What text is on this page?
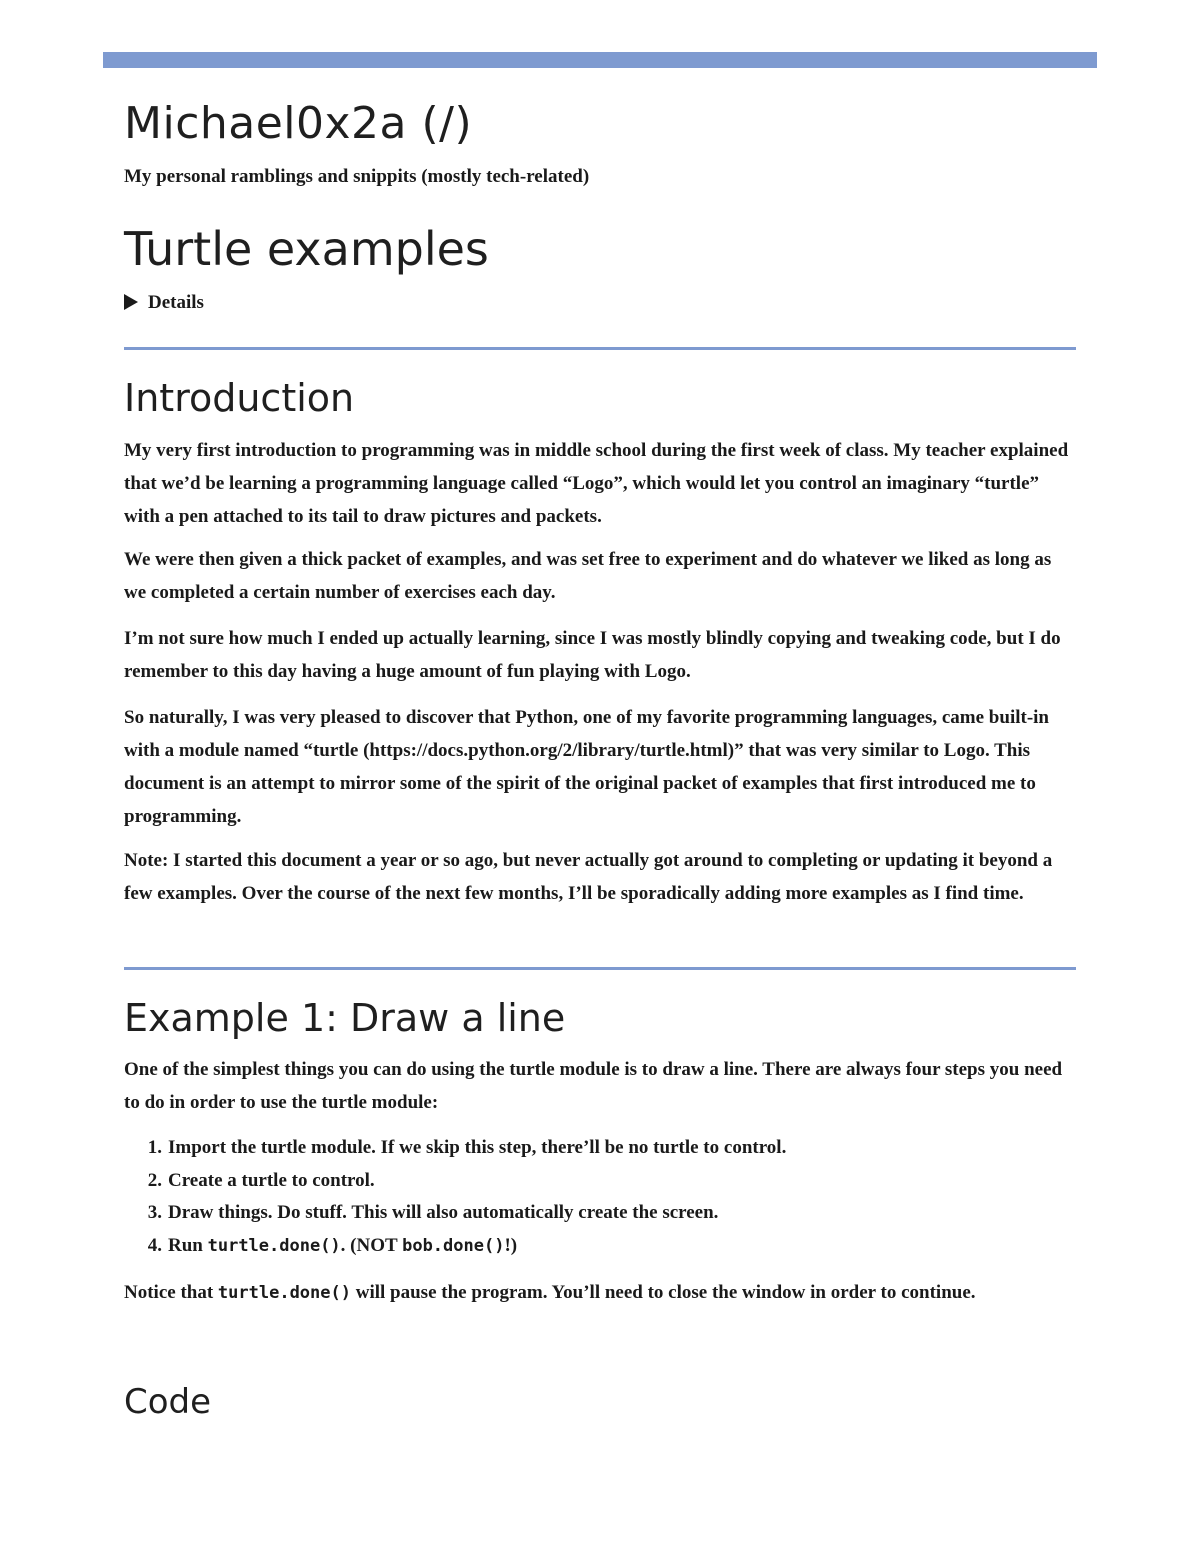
Michael0x2a (/)

My personal ramblings and snippits (mostly tech-related)

Turtle examples
Details
Introduction

My very first introduction to programming was in middle school during the first week of class. My teacher explained that we’d be learning a programming language called “Logo”, which would let you control an imaginary “turtle” with a pen attached to its tail to draw pictures and packets.

We were then given a thick packet of examples, and was set free to experiment and do whatever we liked as long as we completed a certain number of exercises each day.

I’m not sure how much I ended up actually learning, since I was mostly blindly copying and tweaking code, but I do remember to this day having a huge amount of fun playing with Logo.

So naturally, I was very pleased to discover that Python, one of my favorite programming languages, came built-in with a module named “turtle (https://docs.python.org/2/library/turtle.html)” that was very similar to Logo. This document is an attempt to mirror some of the spirit of the original packet of examples that first introduced me to programming.

Note: I started this document a year or so ago, but never actually got around to completing or updating it beyond a few examples. Over the course of the next few months, I’ll be sporadically adding more examples as I find time.

Example 1: Draw a line

One of the simplest things you can do using the turtle module is to draw a line. There are always four steps you need to do in order to use the turtle module:

1. Import the turtle module. If we skip this step, there’ll be no turtle to control.
2. Create a turtle to control.
3. Draw things. Do stuff. This will also automatically create the screen.
4. Run turtle.done(). (NOT bob.done()!)

Notice that turtle.done() will pause the program. You’ll need to close the window in order to continue.

Code
